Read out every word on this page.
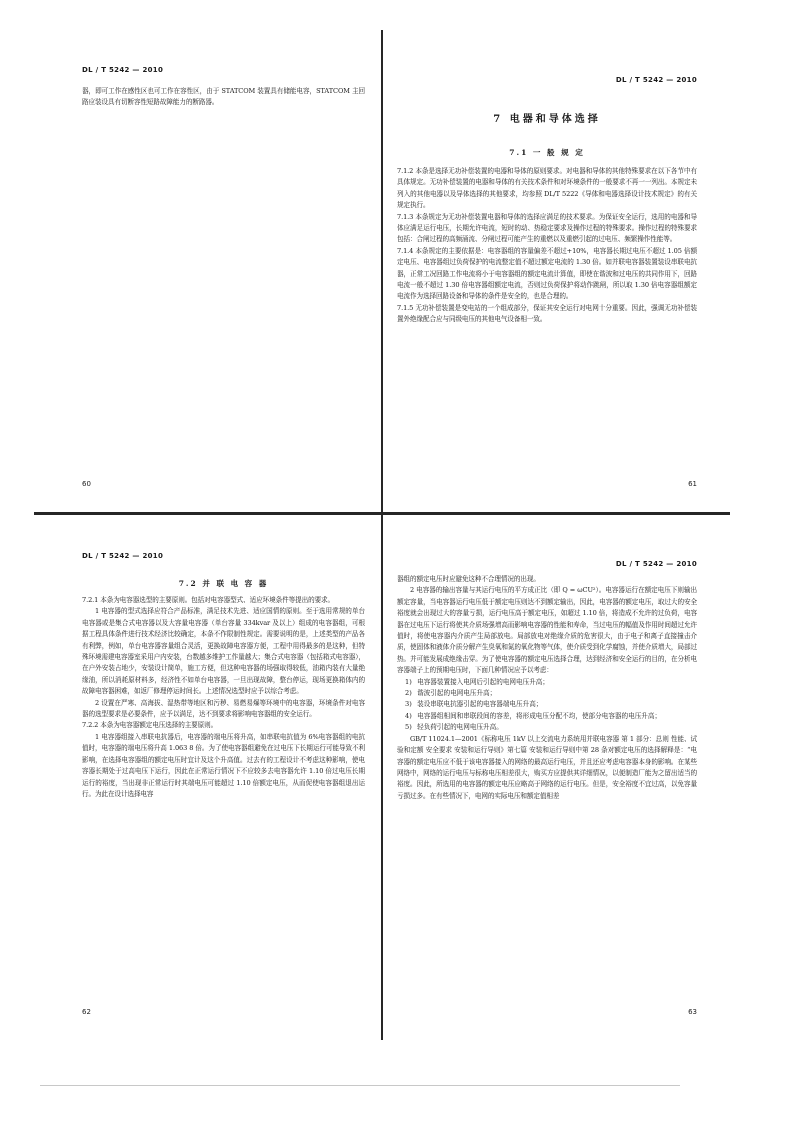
DL / T 5242 — 2010

器，即可工作在感性区也可工作在容性区，由于 STATCOM 装置具有储能电容，STATCOM 主回路应装设具有切断容性短路故障能力的断路器。

60
DL / T 5242 — 2010

7 电器和导体选择

7.1 一 般 规 定

7.1.2 本条是选择无功补偿装置的电器和导体的原则要求。对电器和导体的其他特殊要求在以下各节中有具体规定。无功补偿装置的电器和导体的有关技术条件和对环境条件的一般要求不再一一列出。本规定未列入的其他电器以及导体选择的其他要求，均参照 DL/T 5222《导体和电器选择设计技术规定》的有关规定执行。

7.1.3 本条规定为无功补偿装置电器和导体的选择应满足的技术要求。为保证安全运行，选用的电器和导体应满足运行电压，长期允许电流，短时的动、热稳定要求及操作过程的特殊要求。操作过程的特殊要求包括：合闸过程的高频涌流、分闸过程可能产生的重燃以及重燃引起的过电压、频繁操作性能等。

7.1.4 本条规定的主要依据是：电容器组的容量偏差不超过+10%，电容器长期过电压不超过 1.05 倍额定电压、电容器组过负荷保护的电流整定值不超过额定电流的 1.30 倍。如并联电容器装置装设串联电抗器，正常工况回路工作电流将小于电容器组的额定电流计算值，即使在谐波和过电压的共同作用下，回路电流一般不超过 1.30 倍电容器组额定电流，否则过负荷保护将动作跳闸，所以取 1.30 倍电容器组额定电流作为选择回路设备和导体的条件是安全的，也是合理的。

7.1.5 无功补偿装置是变电站的一个组成部分，保证其安全运行对电网十分重要。因此，强调无功补偿装置外绝缘配合应与同级电压的其他电气设备相一致。

61
DL / T 5242 — 2010

7.2 并 联 电 容 器

7.2.1 本条为电容器选型的主要原则。包括对电容器型式、适应环境条件等提出的要求。

1 电容器的型式选择应符合产品标准，满足技术先进、适应国情的原则。至于选用常规的单台电容器或是集合式电容器以及大容量电容器（单台容量 334kvar 及以上）组成的电容器组，可根据工程具体条件进行技术经济比较确定，本条不作限制性规定。需要说明的是，上述类型的产品各有利弊，例如，单台电容器容量组合灵活，更换故障电容器方便，工程中用得最多的是这种，但特殊环境需建电容器室采用户内安装，台数越多维护工作量越大；集合式电容器（包括箱式电容器），在户外安装占地少，安装设计简单，施工方便，但这种电容器的场强取得较低，油箱内装有大量绝缘油，所以消耗原材料多，经济性不如单台电容器，一旦出现故障，整台停运，现场更换箱体内的故障电容器困难，如返厂修理停运时间长。上述情况选型时应予以综合考虑。

2 设置在严寒、高海拔、湿热带等地区和污秽、易燃易爆等环境中的电容器，环境条件对电容器的选型要求是必要条件，应予以满足，达不到要求将影响电容器组的安全运行。

7.2.2 本条为电容器额定电压选择的主要原则。

1 电容器组接入串联电抗器后，电容器的端电压将升高，如串联电抗值为 6%电容器组的电抗值时，电容器的端电压将升高 1.063 8 倍。为了使电容器组避免在过电压下长期运行可能导致不利影响，在选择电容器组的额定电压时宜计及这个升高值。过去有的工程设计不考虑这种影响，使电容器长期处于过高电压下运行，因此在正常运行情况下不应较多去电容器允许 1.10 倍过电压长期运行的裕度，当出现非正常运行时其端电压可能超过 1.10 倍额定电压，从而促使电容器组退出运行。为此在设计选择电容

62
DL / T 5242 — 2010

器组的额定电压时应避免这种不合理情况的出现。

2 电容器的输出容量与其运行电压的平方成正比（即 Q = ωCU²）。电容器运行在额定电压下则输出额定容量，当电容器运行电压低于额定电压则达不到额定输出，因此，电容器的额定电压，取过大的安全裕度就会出现过大的容量亏损，运行电压高于额定电压，如超过 1.10 倍，将造成不允许的过负荷，电容器在过电压下运行将使其介质场强增高而影响电容器的性能和寿命，当过电压的幅值及作用时间超过允许值时，将使电容器内介质产生局部放电。局部放电对绝缘介质的危害很大，由于电子和离子直接撞击介质，使固体和液体介质分解产生臭氧和氮的氧化物等气体，使介质受到化学腐蚀，并使介质增大，局部过热。并可能发展成绝缘击穿。为了使电容器的额定电压选择合理，达到经济和安全运行的目的，在分析电容器端子上的预期电压时，下面几种情况应予以考虑：

1) 电容器装置接入电网后引起的电网电压升高；
2) 谐波引起的电网电压升高；
3) 装设串联电抗器引起的电容器端电压升高；
4) 电容器组相间和串联段间的容差，将形成电压分配不均，使部分电容器的电压升高；
5) 轻负荷引起的电网电压升高。

GB/T 11024.1—2001《标称电压 1kV 以上交流电力系统用并联电容器 第 1 部分：总则 性能、试验和定额 安全要求 安装和运行导则》第七篇 安装和运行导则中第 28 条对额定电压的选择解释是：“电容器的额定电压应不低于该电容器接入的网络的最高运行电压，并且还应考虑电容器本身的影响。在某些网络中，网络的运行电压与标称电压相差很大，购买方应提供其详细情况，以便制造厂能为之留出适当的裕度。因此，所选用的电容器的额定电压应略高于网络的运行电压。但是，安全裕度不宜过高，以免容量亏损过多。在有些情况下，电网的实际电压和额定值相差

63
